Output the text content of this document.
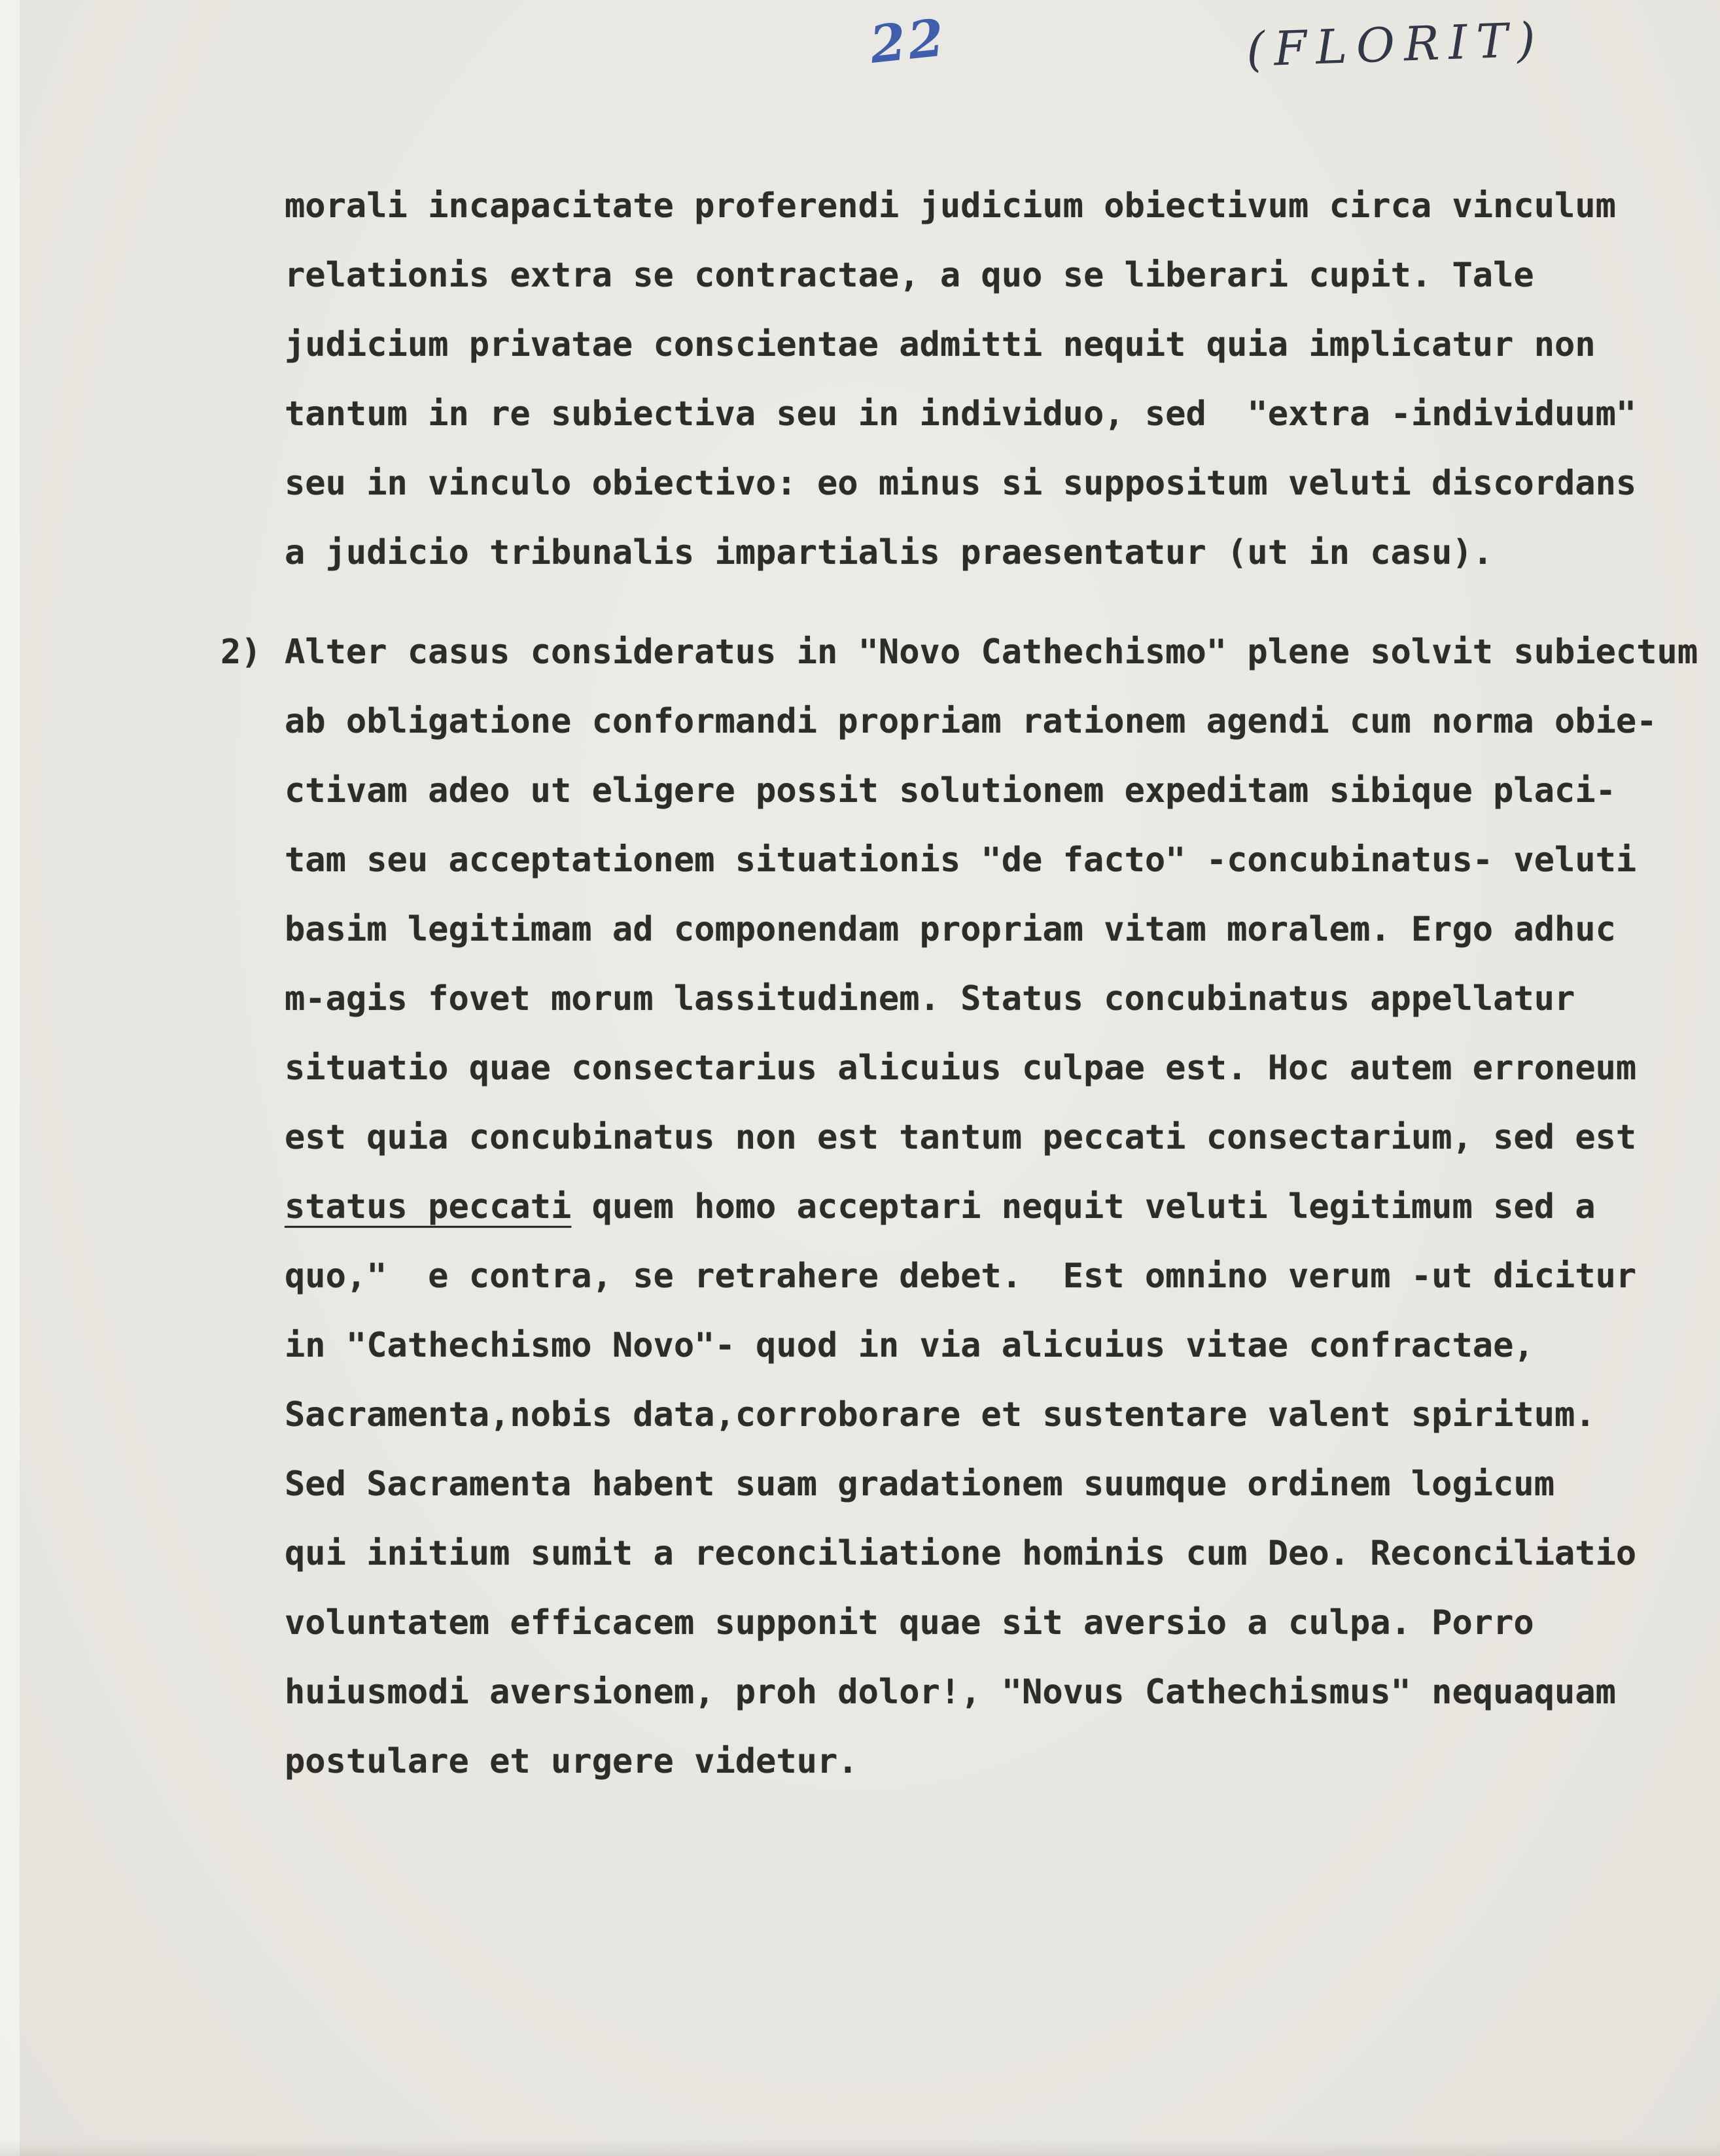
22	(FLORIT)
morali incapacitate proferendi judicium obiectivum circa vinculum
relationis extra se contractae, a quo se liberari cupit. Tale
judicium privatae conscientae admitti nequit quia implicatur non
tantum in re subiectiva seu in individuo, sed  "extra -individuum"
seu in vinculo obiectivo: eo minus si suppositum veluti discordans
a judicio tribunalis impartialis praesentatur (ut in casu).
2) Alter casus consideratus in "Novo Cathechismo" plene solvit subiectum
ab obligatione conformandi propriam rationem agendi cum norma obie-
ctivam adeo ut eligere possit solutionem expeditam sibique placi-
tam seu acceptationem situationis "de facto" -concubinatus- veluti
basim legitimam ad componendam propriam vitam moralem. Ergo adhuc
m-agis fovet morum lassitudinem. Status concubinatus appellatur
situatio quae consectarius alicuius culpae est. Hoc autem erroneum
est quia concubinatus non est tantum peccati consectarium, sed est
status peccati quem homo acceptari nequit veluti legitimum sed a
quo,"  e contra, se retrahere debet.  Est omnino verum -ut dicitur
in "Cathechismo Novo"- quod in via alicuius vitae confractae,
Sacramenta,nobis data,corroborare et sustentare valent spiritum.
Sed Sacramenta habent suam gradationem suumque ordinem logicum
qui initium sumit a reconciliatione hominis cum Deo. Reconciliatio
voluntatem efficacem supponit quae sit aversio a culpa. Porro
huiusmodi aversionem, proh dolor!, "Novus Cathechismus" nequaquam
postulare et urgere videtur.
